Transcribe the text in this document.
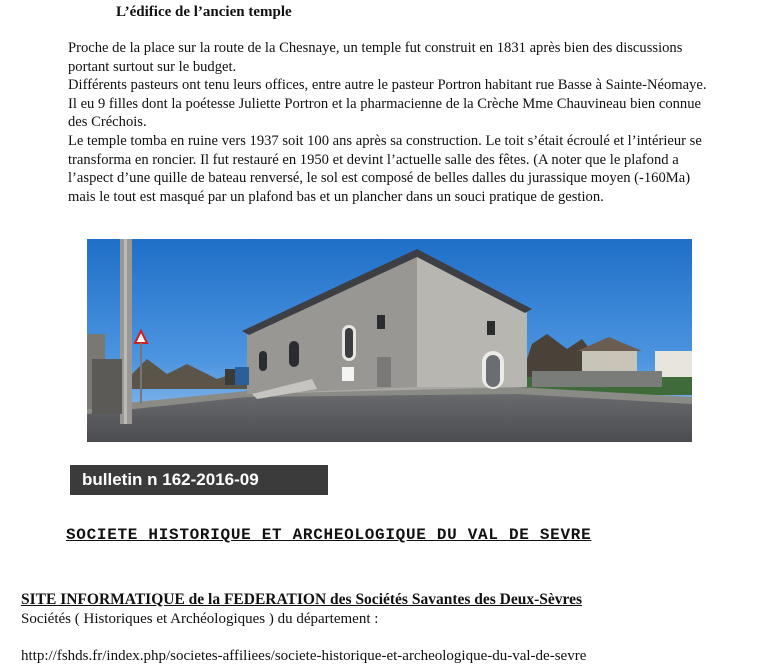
L’édifice de l’ancien temple

Proche de la place sur la route de la Chesnaye, un temple fut construit en 1831 après bien des discussions portant surtout sur le budget.

Différents pasteurs ont tenu leurs offices, entre autre le pasteur Portron habitant rue Basse à Sainte-Néomaye. Il eu 9 filles dont la poétesse Juliette Portron et la pharmacienne de la Crèche Mme Chauvineau bien connue des Créchois.

Le temple tomba en ruine vers 1937 soit 100 ans après sa construction. Le toit s’était écroulé et l’intérieur se transforma en roncier. Il fut restauré en 1950 et devint l’actuelle salle des fêtes. (A noter que le plafond a l’aspect d’une quille de bateau renversé, le sol est composé de belles dalles du jurassique moyen (-160Ma) mais le tout est masqué par un plafond bas et un plancher dans un souci pratique de gestion.

bulletin n 162-2016-09
SOCIETE HISTORIQUE ET ARCHEOLOGIQUE DU VAL DE SEVRE
SITE INFORMATIQUE de la FEDERATION des Sociétés Savantes des Deux-Sèvres
Sociétés ( Historiques et Archéologiques ) du département :
http://fshds.fr/index.php/societes-affiliees/societe-historique-et-archeologique-du-val-de-sevre
